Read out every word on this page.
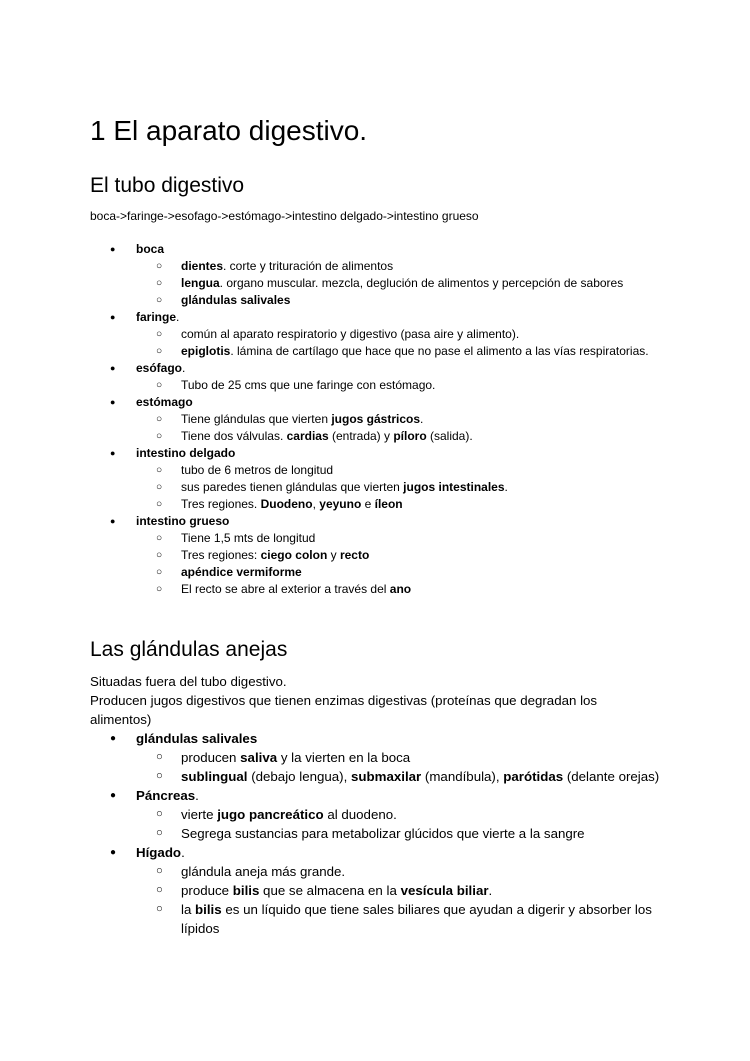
1 El aparato digestivo.
El tubo digestivo
boca->faringe->esofago->estómago->intestino delgado->intestino grueso
● boca
○ dientes. corte y trituración de alimentos
○ lengua. organo muscular. mezcla, deglución de alimentos y percepción de sabores
○ glándulas salivales
● faringe.
○ común al aparato respiratorio y digestivo (pasa aire y alimento).
○ epiglotis. lámina de cartílago que hace que no pase el alimento a las vías respiratorias.
● esófago.
○ Tubo de 25 cms que une faringe con estómago.
● estómago
○ Tiene glándulas que vierten jugos gástricos.
○ Tiene dos válvulas. cardias (entrada) y píloro (salida).
● intestino delgado
○ tubo de 6 metros de longitud
○ sus paredes tienen glándulas que vierten jugos intestinales.
○ Tres regiones. Duodeno, yeyuno e íleon
● intestino grueso
○ Tiene 1,5 mts de longitud
○ Tres regiones: ciego colon y recto
○ apéndice vermiforme
○ El recto se abre al exterior a través del ano
Las glándulas anejas
Situadas fuera del tubo digestivo.
Producen jugos digestivos que tienen enzimas digestivas (proteínas que degradan los alimentos)
● glándulas salivales
○ producen saliva y la vierten en la boca
○ sublingual (debajo lengua), submaxilar (mandíbula), parótidas (delante orejas)
● Páncreas.
○ vierte jugo pancreático al duodeno.
○ Segrega sustancias para metabolizar glúcidos que vierte a la sangre
● Hígado.
○ glándula aneja más grande.
○ produce bilis que se almacena en la vesícula biliar.
○ la bilis es un líquido que tiene sales biliares que ayudan a digerir y absorber los lípidos
